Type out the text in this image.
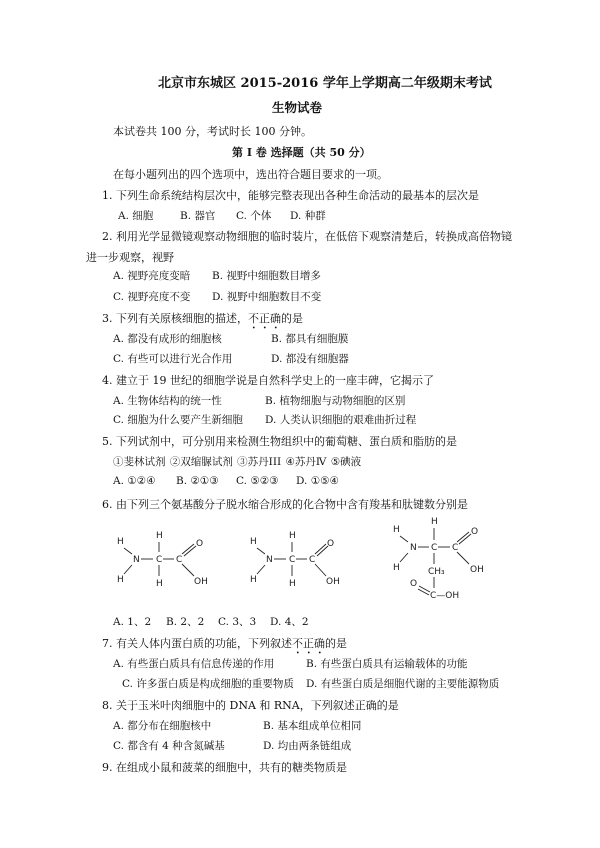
北京市东城区 2015-2016 学年上学期高二年级期末考试
生物试卷
本试卷共 100 分，考试时长 100 分钟。
第 I 卷 选择题（共 50 分）
在每小题列出的四个选项中，选出符合题目要求的一项。
1. 下列生命系统结构层次中，能够完整表现出各种生命活动的最基本的层次是
A. 细胞	B. 器官 C. 个体 D. 种群
2. 利用光学显微镜观察动物细胞的临时装片，在低倍下观察清楚后，转换成高倍物镜
进一步观察，视野
A. 视野亮度变暗 B. 视野中细胞数目增多
C. 视野亮度不变 D. 视野中细胞数目不变
3. 下列有关原核细胞的描述，不正确的是
A. 都没有成形的细胞核	B. 都具有细胞膜
C. 有些可以进行光合作用	D. 都没有细胞器
4. 建立于 19 世纪的细胞学说是自然科学史上的一座丰碑，它揭示了
A. 生物体结构的统一性	B. 植物细胞与动物细胞的区别
C. 细胞为什么要产生新细胞 D. 人类认识细胞的艰难曲折过程
5. 下列试剂中，可分别用来检测生物组织中的葡萄糖、蛋白质和脂肪的是
①斐林试剂 ②双缩脲试剂 ③苏丹III ④苏丹Ⅳ ⑤碘液
A. ①②④ B. ②①③ C. ⑤②③ D. ①⑤④
6. 由下列三个氨基酸分子脱水缩合形成的化合物中含有羧基和肽键数分别是
H
N
H
H
C
H
C
O
OH
H
N
H
H
C
H
C
O
OH
H
N
H
H
C C
O
OH
CH₃
C—OH
O
A. 1、2 B. 2、2 C. 3、3 D. 4、2
7. 有关人体内蛋白质的功能，下列叙述不正确的是
A. 有些蛋白质具有信息传递的作用	B. 有些蛋白质具有运输载体的功能
C. 许多蛋白质是构成细胞的重要物质 D. 有些蛋白质是细胞代谢的主要能源物质
8. 关于玉米叶肉细胞中的 DNA 和 RNA，下列叙述正确的是
A. 都分布在细胞核中	B. 基本组成单位相同
C. 都含有 4 种含氮碱基	D. 均由两条链组成
9. 在组成小鼠和菠菜的细胞中，共有的糖类物质是
